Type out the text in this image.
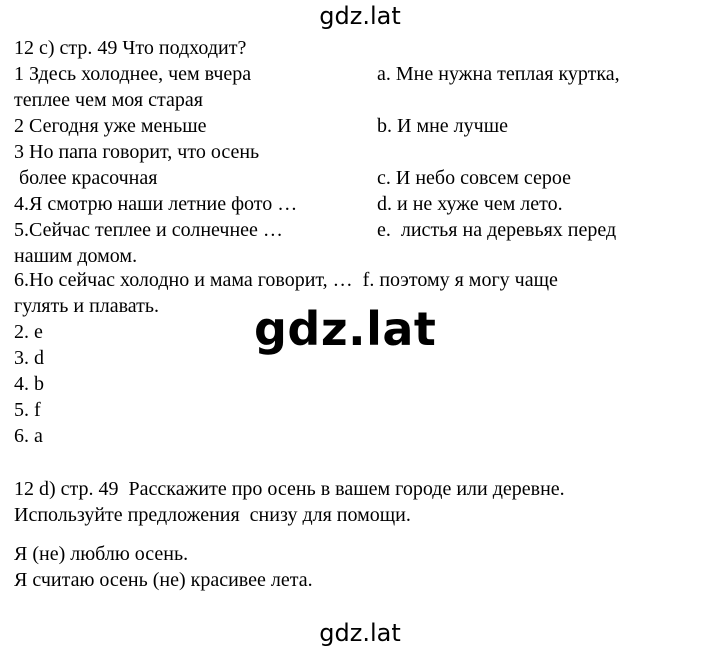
gdz.lat
12 c) стр. 49 Что подходит?
1 Здесь холоднее, чем вчера
теплее чем моя старая
2 Сегодня уже меньше
3 Но папа говорит, что осень
более красочная
4.Я смотрю наши летние фото …
5.Сейчас теплее и солнечнее …
нашим домом.
6.Но сейчас холодно и мама говорит, …  f. поэтому я могу чаще
гулять и плавать.
a. Мне нужна теплая куртка,
b. И мне лучше
c. И небо совсем серое
d. и не хуже чем лето.
e.  листья на деревьях перед
2. e
3. d
4. b
5. f
6. a
gdz.lat
12 d) стр. 49  Расскажите про осень в вашем городе или деревне.
Используйте предложения  снизу для помощи.
Я (не) люблю осень.
Я считаю осень (не) красивее лета.
gdz.lat
